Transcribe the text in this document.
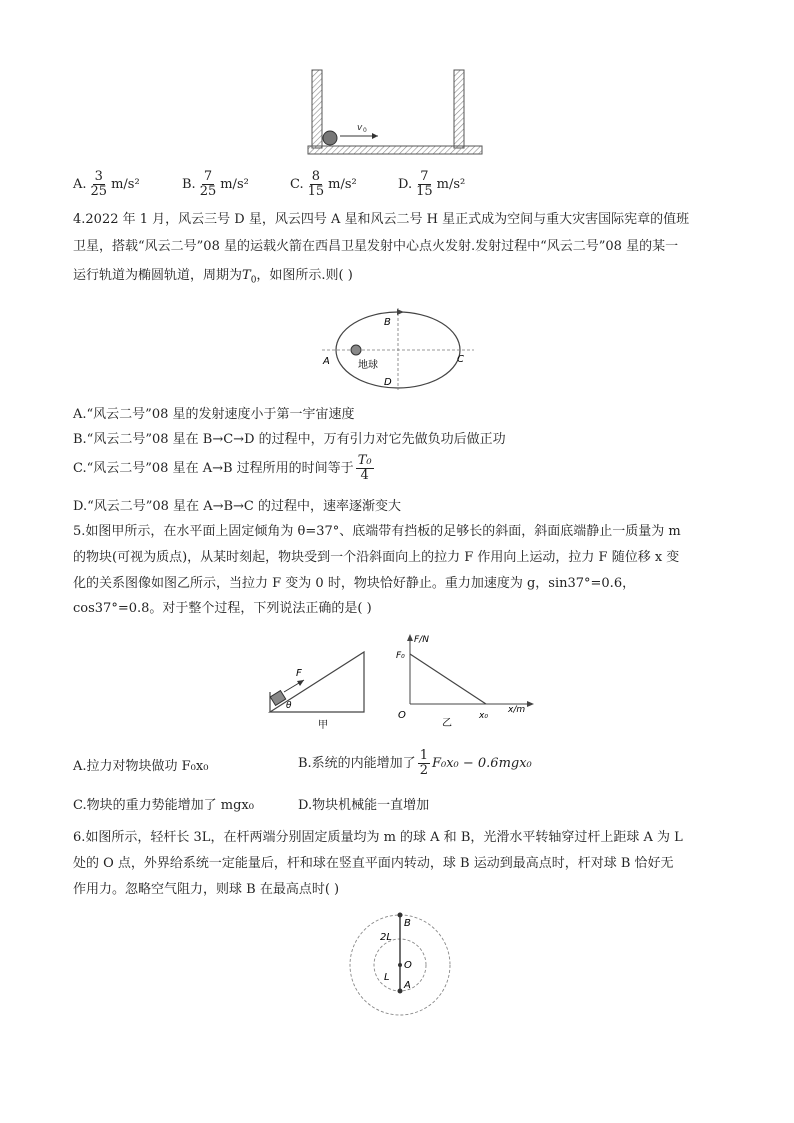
v 0
A. $\frac{3}{25} m/s^2$	B. $\frac{7}{25} m/s^2$	C. $\frac{8}{15} m/s^2$	D. $\frac{7}{15} m/s^2$
4.2022 年 1 月，风云三号 D 星，风云四号 A 星和风云二号 H 星正式成为空间与重大灾害国际宪章的值班
卫星，搭载“风云二号”08 星的运载火箭在西昌卫星发射中心点火发射.发射过程中“风云二号”08 星的某一
运行轨道为椭圆轨道，周期为$T_0$，如图所示.则( )
A
B
C
D
地球
A.“风云二号”08 星的发射速度小于第一宇宙速度
B.“风云二号”08 星在 B→C→D 的过程中，万有引力对它先做负功后做正功
C.“风云二号”08 星在 A→B 过程所用的时间等于 $\frac{\text{T₀}}{4}$
D.“风云二号”08 星在 A→B→C 的过程中，速率逐渐变大
5.如图甲所示，在水平面上固定倾角为 θ=37°、底端带有挡板的足够长的斜面，斜面底端静止一质量为 m
的物块(可视为质点)，从某时刻起，物块受到一个沿斜面向上的拉力 F 作用向上运动，拉力 F 随位移 x 变
化的关系图像如图乙所示，当拉力 F 变为 0 时，物块恰好静止。重力加速度为 g，sin37°=0.6，
cos37°=0.8。对于整个过程，下列说法正确的是( )
F
θ
甲
F/N
F₀
O	x₀
x/m
乙
A.拉力对物块做功 F₀x₀	B.系统的内能增加了 $\frac{1}{2} F_0x_0 - 0.6mgx_0$
C.物块的重力势能增加了 mgx₀	D.物块机械能一直增加
6.如图所示，轻杆长 3L，在杆两端分别固定质量均为 m 的球 A 和 B，光滑水平转轴穿过杆上距球 A 为 L
处的 O 点，外界给系统一定能量后，杆和球在竖直平面内转动，球 B 运动到最高点时，杆对球 B 恰好无
作用力。忽略空气阻力，则球 B 在最高点时( )
2L
L
B
O
A
